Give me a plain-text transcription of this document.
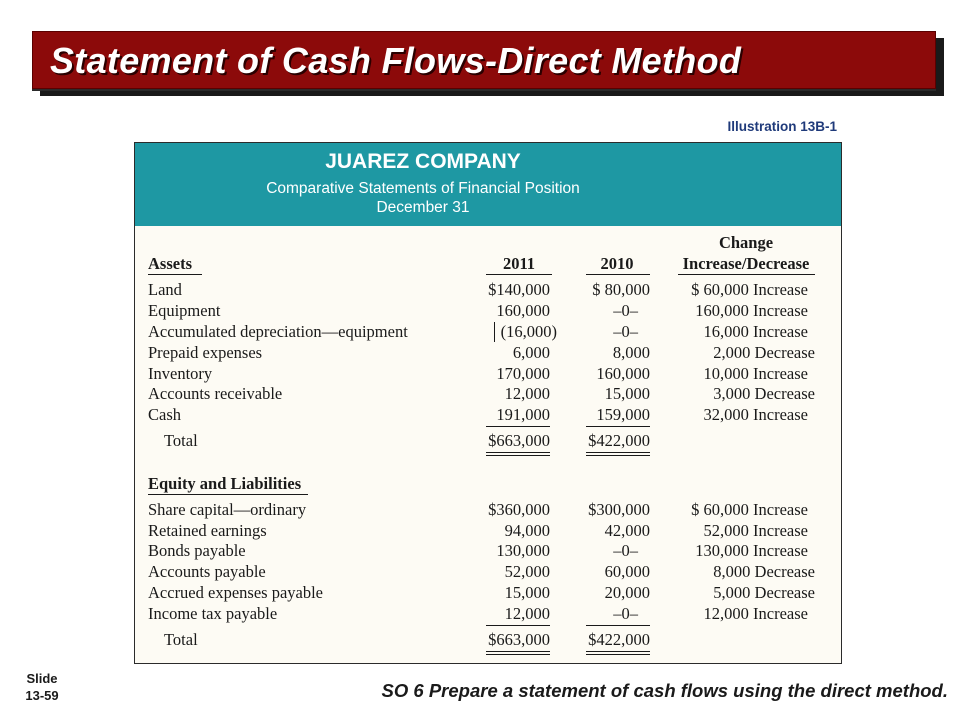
Statement of Cash Flows-Direct Method
Illustration 13B-1
JUAREZ COMPANY
Comparative Statements of Financial Position
December 31
Assets	2011	2010
Change
Increase/Decrease
Land	$140,000	$ 80,000	$ 60,000 Increase
Equipment	160,000	–0–	160,000 Increase
Accumulated depreciation—equipment	(16,000)	–0–	16,000 Increase
Prepaid expenses	6,000	8,000	2,000 Decrease
Inventory	170,000	160,000	10,000 Increase
Accounts receivable	12,000	15,000	3,000 Decrease
Cash	191,000	159,000	32,000 Increase
Total	$663,000	$422,000
Equity and Liabilities
Share capital—ordinary	$360,000	$300,000	$ 60,000 Increase
Retained earnings	94,000	42,000	52,000 Increase
Bonds payable	130,000	–0–	130,000 Increase
Accounts payable	52,000	60,000	8,000 Decrease
Accrued expenses payable	15,000	20,000	5,000 Decrease
Income tax payable	12,000	–0–	12,000 Increase
Total	$663,000	$422,000
Slide
13-59	SO 6 Prepare a statement of cash flows using the direct method.
